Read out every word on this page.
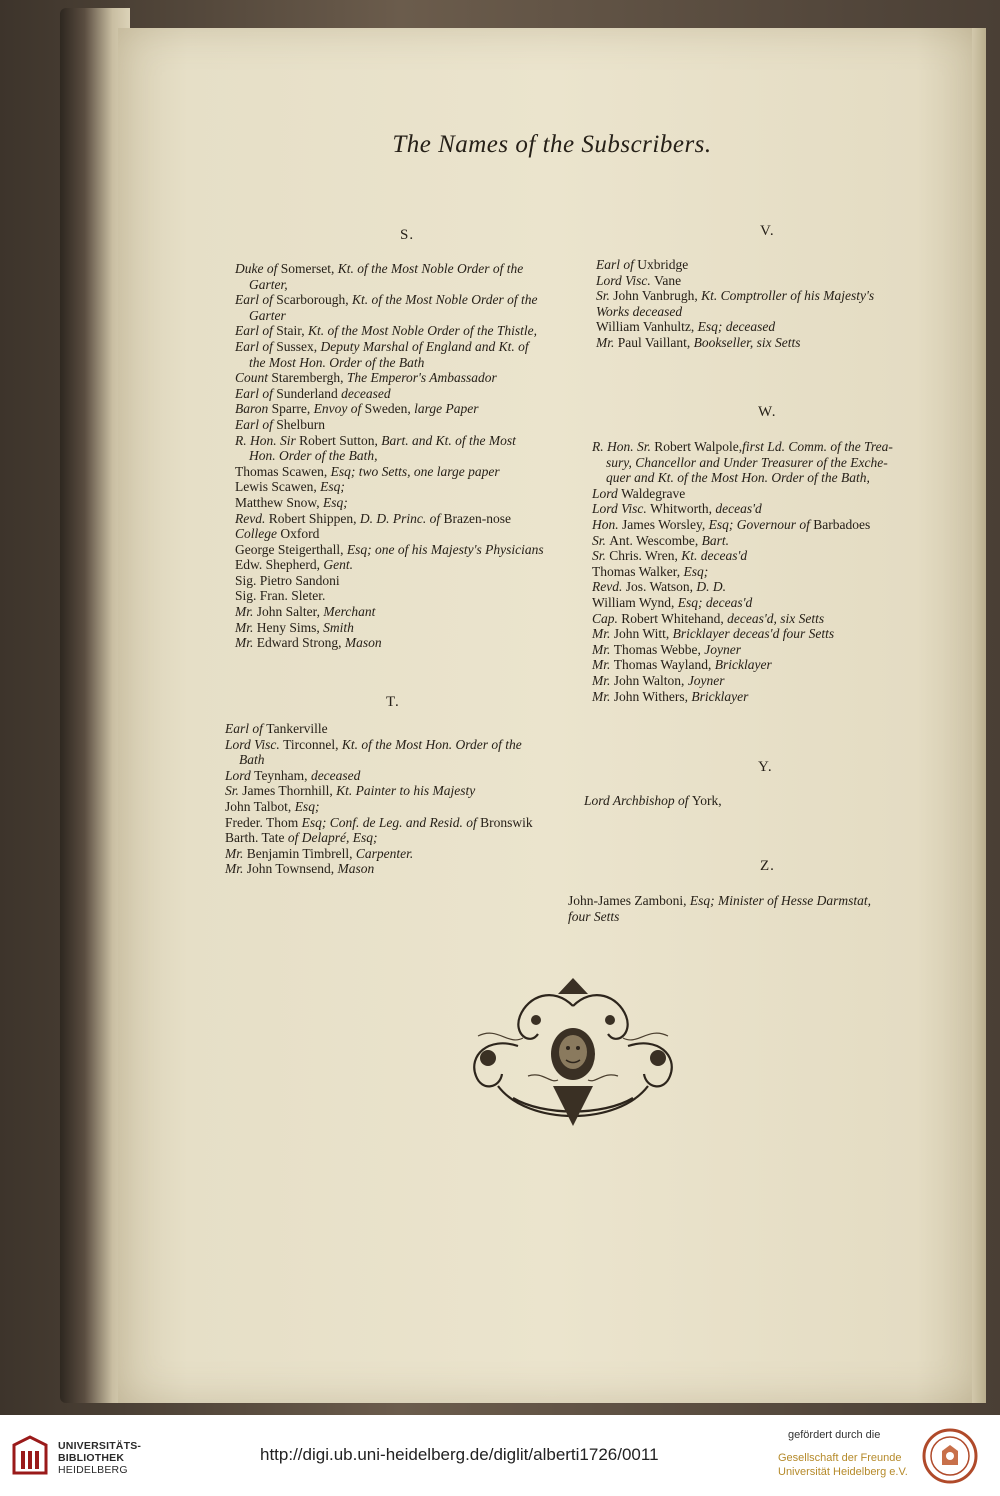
The Names of the Subscribers.
S.
Duke of Somerset, Kt. of the Most Noble Order of the
Garter,
Earl of Scarborough, Kt. of the Most Noble Order of the
Garter
Earl of Stair, Kt. of the Most Noble Order of the Thistle,
Earl of Sussex, Deputy Marshal of England and Kt. of
the Most Hon. Order of the Bath
Count Starembergh, The Emperor's Ambassador
Earl of Sunderland deceased
Baron Sparre, Envoy of Sweden, large Paper
Earl of Shelburn
R. Hon. Sir Robert Sutton, Bart. and Kt. of the Most
Hon. Order of the Bath,
Thomas Scawen, Esq; two Setts, one large paper
Lewis Scawen, Esq;
Matthew Snow, Esq;
Revd. Robert Shippen, D. D. Princ. of Brazen-nose
College Oxford
George Steigerthall, Esq; one of his Majesty's Physicians
Edw. Shepherd, Gent.
Sig. Pietro Sandoni
Sig. Fran. Sleter.
Mr. John Salter, Merchant
Mr. Heny Sims, Smith
Mr. Edward Strong, Mason
T.
Earl of Tankerville
Lord Visc. Tirconnel, Kt. of the Most Hon. Order of the
Bath
Lord Teynham, deceased
Sr. James Thornhill, Kt. Painter to his Majesty
John Talbot, Esq;
Freder. Thom Esq; Conf. de Leg. and Resid. of Bronswik
Barth. Tate of Delapré, Esq;
Mr. Benjamin Timbrell, Carpenter.
Mr. John Townsend, Mason
V.
Earl of Uxbridge
Lord Visc. Vane
Sr. John Vanbrugh, Kt. Comptroller of his Majesty's
Works deceased
William Vanhultz, Esq; deceased
Mr. Paul Vaillant, Bookseller, six Setts
W.
R. Hon. Sr. Robert Walpole,first Ld. Comm. of the Trea-
sury, Chancellor and Under Treasurer of the Exche-
quer and Kt. of the Most Hon. Order of the Bath,
Lord Waldegrave
Lord Visc. Whitworth, deceas'd
Hon. James Worsley, Esq; Governour of Barbadoes
Sr. Ant. Wescombe, Bart.
Sr. Chris. Wren, Kt. deceas'd
Thomas Walker, Esq;
Revd. Jos. Watson, D. D.
William Wynd, Esq; deceas'd
Cap. Robert Whitehand, deceas'd, six Setts
Mr. John Witt, Bricklayer deceas'd four Setts
Mr. Thomas Webbe, Joyner
Mr. Thomas Wayland, Bricklayer
Mr. John Walton, Joyner
Mr. John Withers, Bricklayer
Y.
Lord Archbishop of York,
Z.
John-James Zamboni, Esq; Minister of Hesse Darmstat,
four Setts
UNIVERSITÄTS-
BIBLIOTHEK
HEIDELBERG
http://digi.ub.uni-heidelberg.de/diglit/alberti1726/0011
gefördert durch die
Gesellschaft der Freunde
Universität Heidelberg e.V.
